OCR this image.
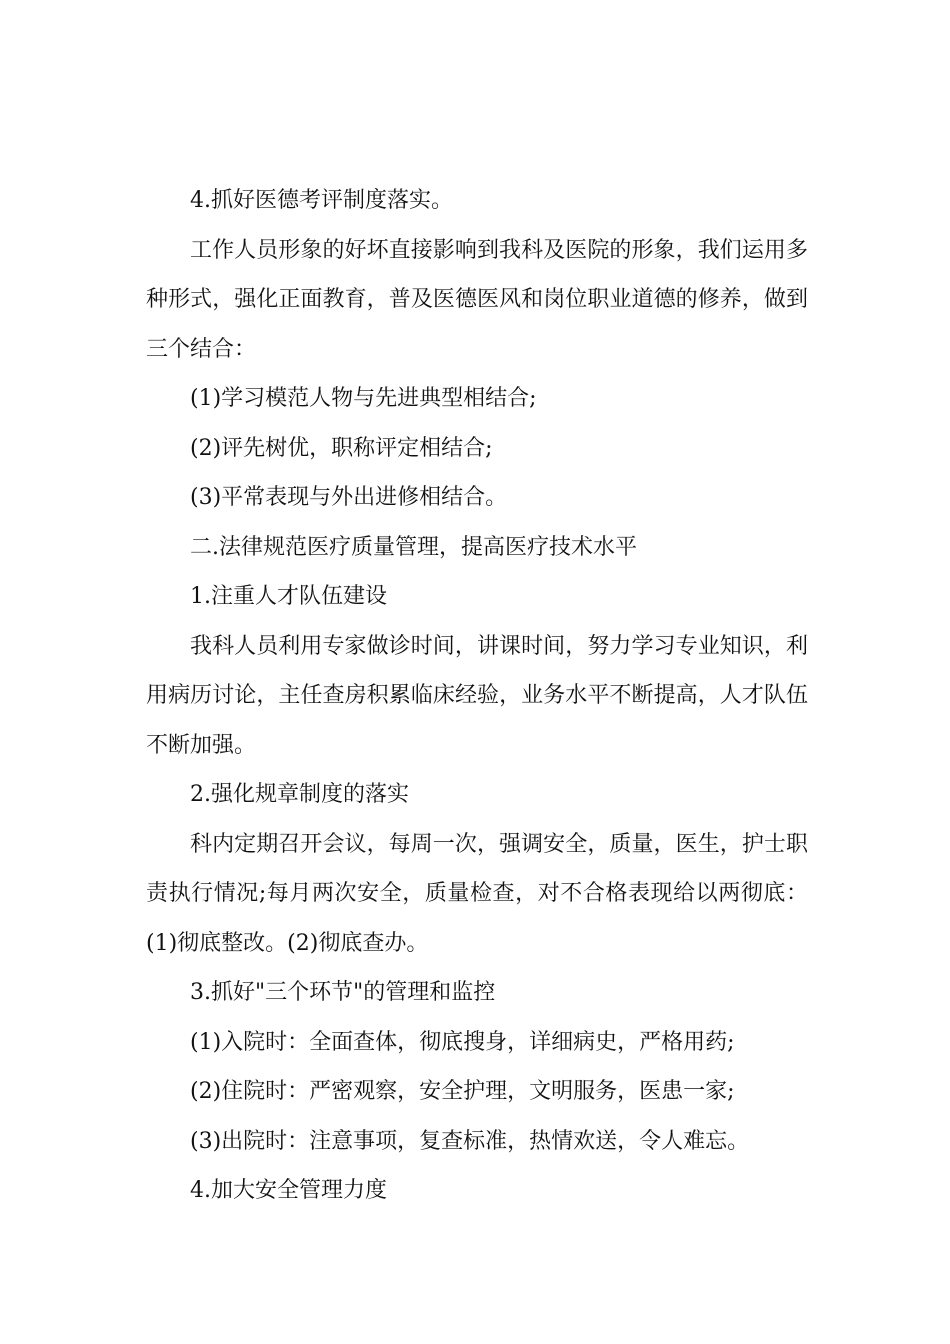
4.抓好医德考评制度落实。

工作人员形象的好坏直接影响到我科及医院的形象，我们运用多种形式，强化正面教育，普及医德医风和岗位职业道德的修养，做到三个结合：

(1)学习模范人物与先进典型相结合;

(2)评先树优，职称评定相结合;

(3)平常表现与外出进修相结合。

二.法律规范医疗质量管理，提高医疗技术水平

1.注重人才队伍建设

我科人员利用专家做诊时间，讲课时间，努力学习专业知识，利用病历讨论，主任查房积累临床经验，业务水平不断提高，人才队伍不断加强。

2.强化规章制度的落实

科内定期召开会议，每周一次，强调安全，质量，医生，护士职责执行情况;每月两次安全，质量检查，对不合格表现给以两彻底：(1)彻底整改。(2)彻底查办。

3.抓好"三个环节"的管理和监控

(1)入院时：全面查体，彻底搜身，详细病史，严格用药;

(2)住院时：严密观察，安全护理，文明服务，医患一家;

(3)出院时：注意事项，复查标准，热情欢送，令人难忘。

4.加大安全管理力度
